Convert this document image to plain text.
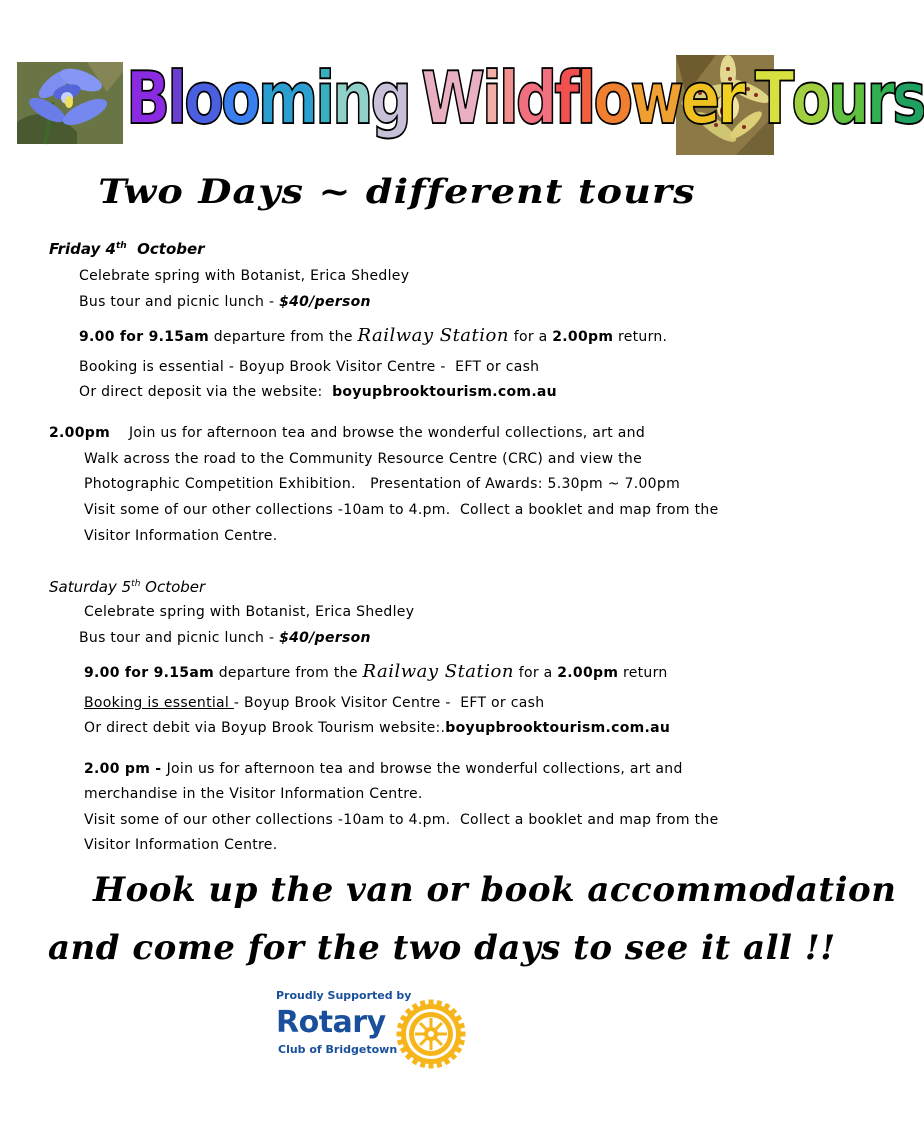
Blooming Wildflower Tours
Two Days ~ different tours
Friday 4th  October
Celebrate spring with Botanist, Erica Shedley
Bus tour and picnic lunch - $40/person
9.00 for 9.15am departure from the Railway Station for a 2.00pm return.
Booking is essential - Boyup Brook Visitor Centre -  EFT or cash
Or direct deposit via the website:  boyupbrooktourism.com.au
2.00pm Join us for afternoon tea and browse the wonderful collections, art and
Walk across the road to the Community Resource Centre (CRC) and view the
Photographic Competition Exhibition.   Presentation of Awards: 5.30pm ~ 7.00pm
Visit some of our other collections -10am to 4.pm.  Collect a booklet and map from the
Visitor Information Centre.
Saturday 5th October
Celebrate spring with Botanist, Erica Shedley
Bus tour and picnic lunch - $40/person
9.00 for 9.15am departure from the Railway Station for a 2.00pm return
Booking is essential - Boyup Brook Visitor Centre -  EFT or cash
Or direct debit via Boyup Brook Tourism website:.boyupbrooktourism.com.au
2.00 pm - Join us for afternoon tea and browse the wonderful collections, art and
merchandise in the Visitor Information Centre.
Visit some of our other collections -10am to 4.pm.  Collect a booklet and map from the
Visitor Information Centre.
Hook up the van or book accommodation
and come for the two days to see it all !!
Proudly Supported by
Rotary
Club of Bridgetown
